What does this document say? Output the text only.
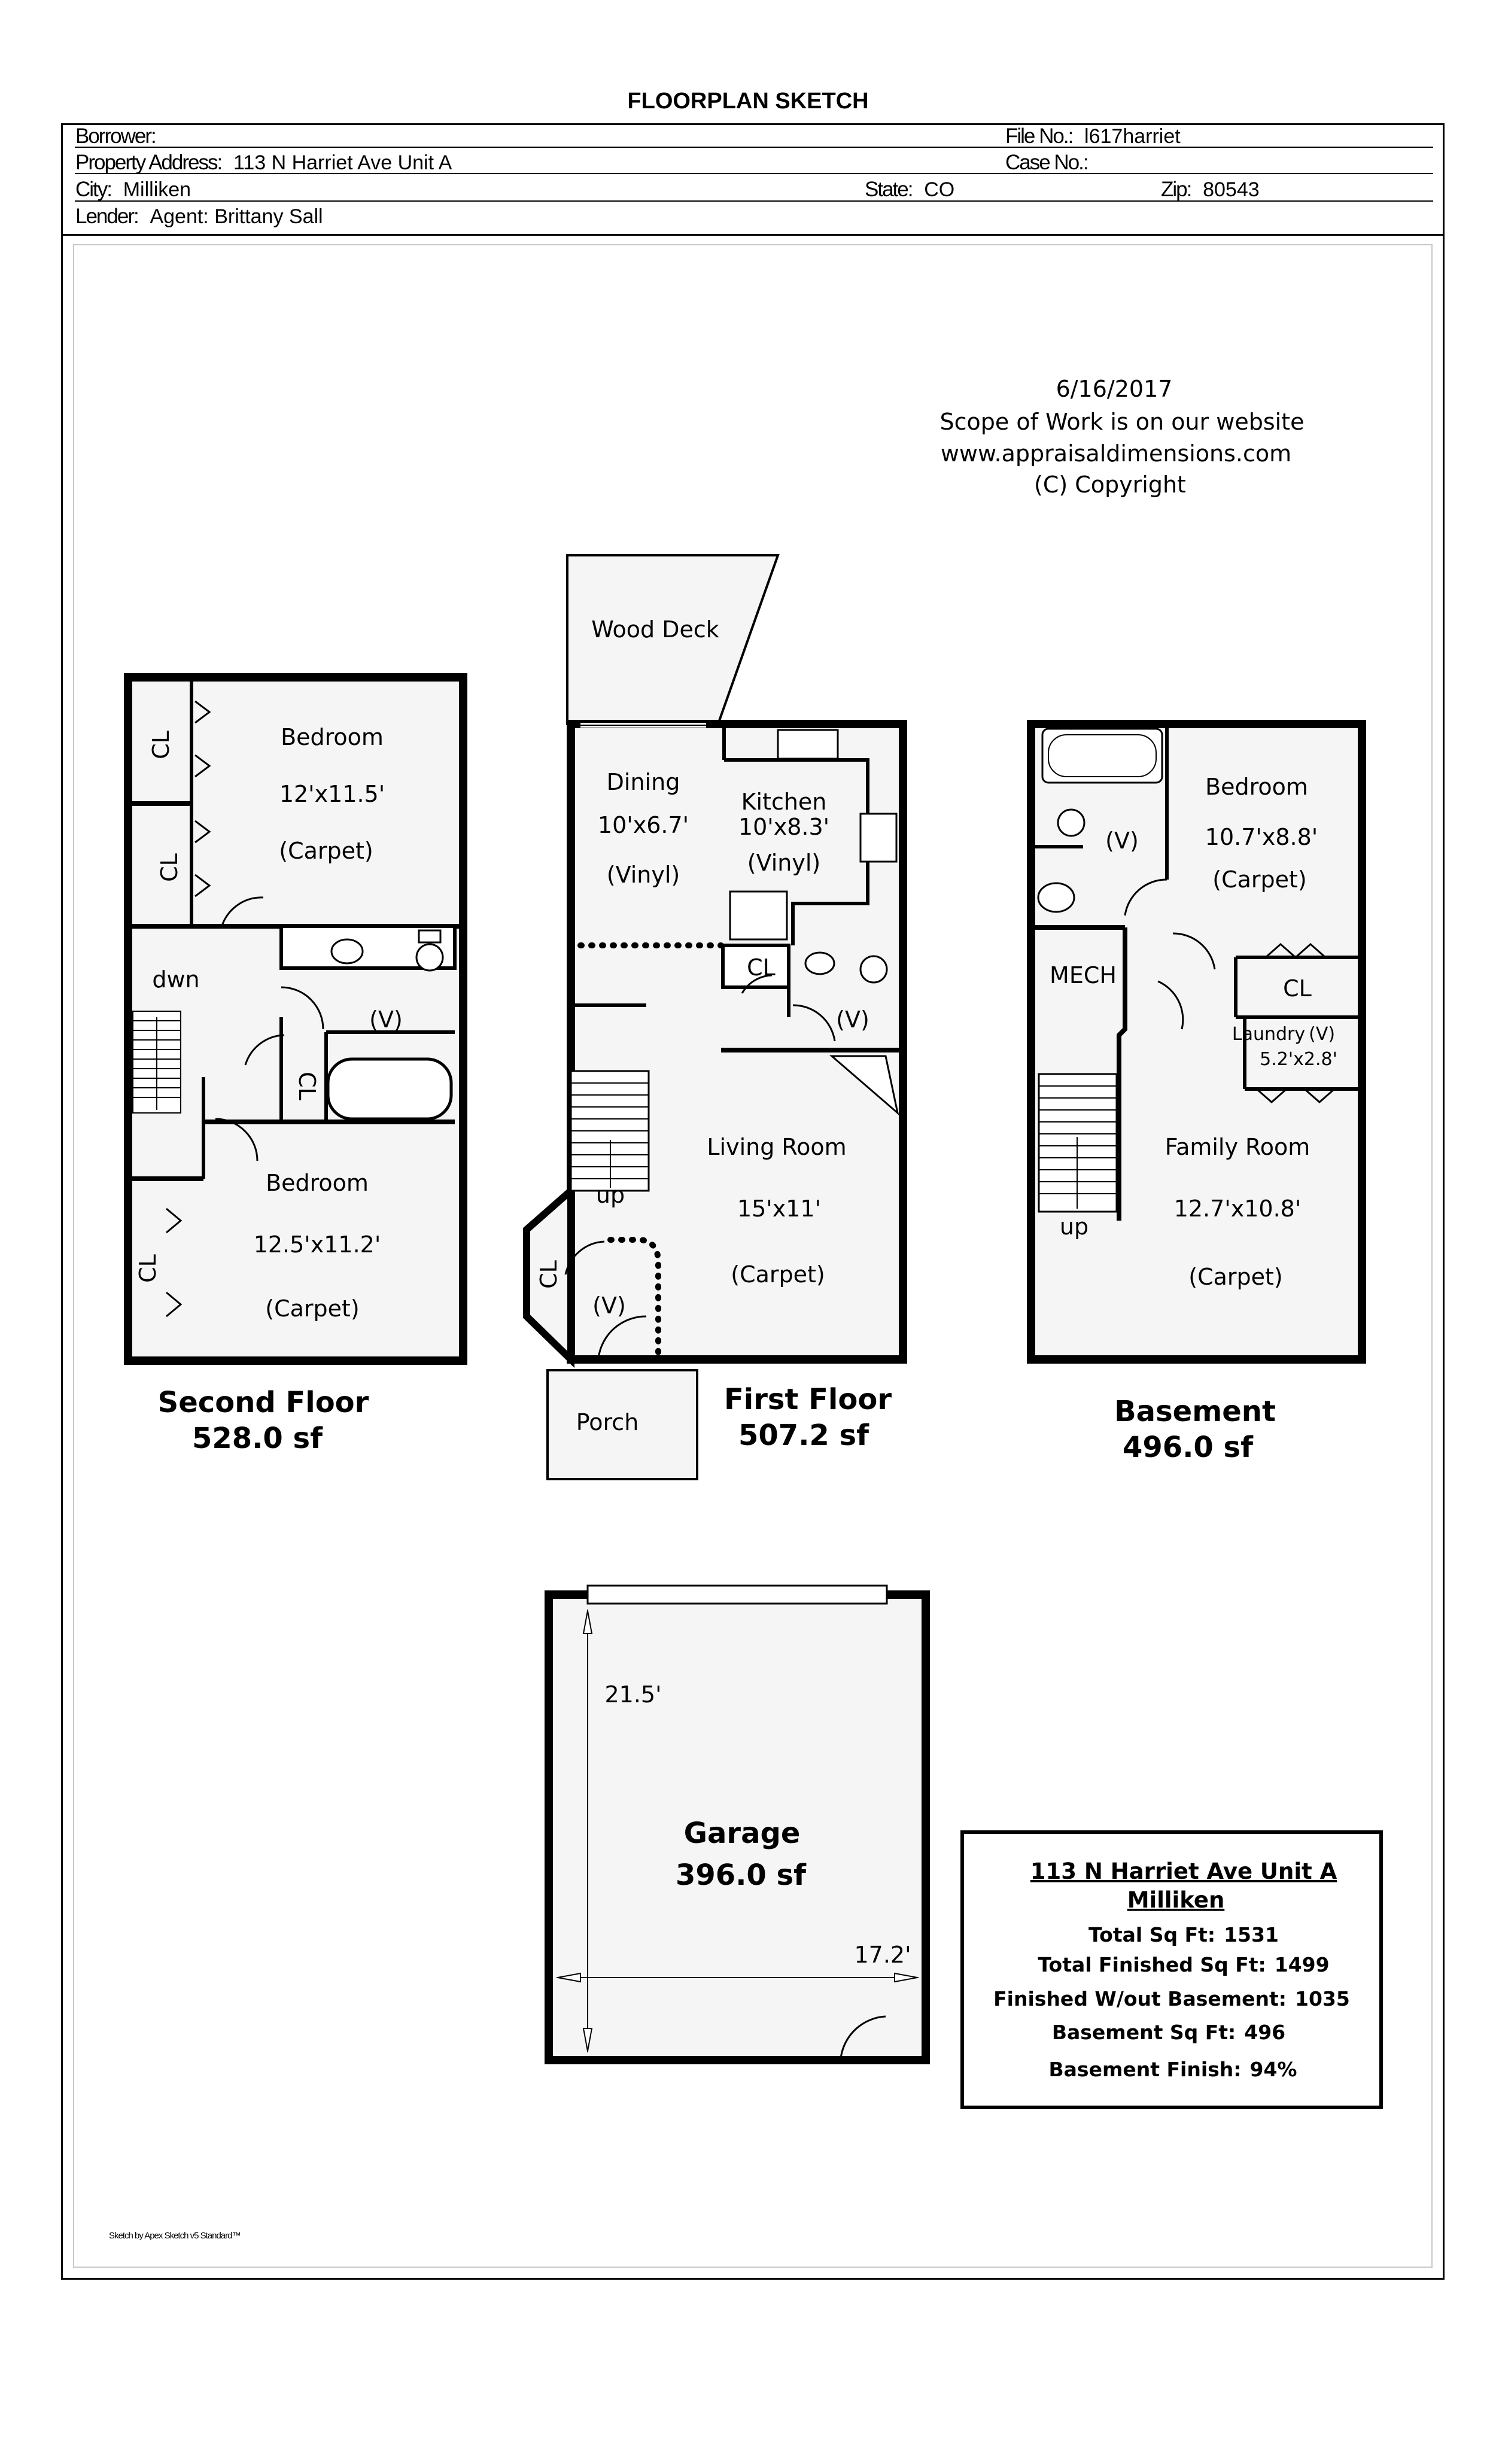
FLOORPLAN SKETCH
Borrower:	File No.: l617harriet
Property Address: 113 N Harriet Ave Unit A	Case No.:
City: Milliken	State: CO	Zip: 80543
Lender: Agent: Brittany Sall
6/16/2017
Scope of Work is on our website
www.appraisaldimensions.com
(C) Copyright
Bedroom
12'x11.5'
(Carpet)
(V)
dwn
Bedroom
12.5'x11.2'
(Carpet)
CL
CL
CL
CL
Second Floor
528.0 sf
Wood Deck
Porch
Dining
10'x6.7'
(Vinyl)
Kitchen
10'x8.3'
(Vinyl)
CL
(V)
Living Room
15'x11'
(Carpet)
up
(V)
CL
First Floor
507.2 sf
Bedroom
10.7'x8.8'
(Carpet)
(V)
MECH	CL
Family Room
12.7'x10.8'
(Carpet)
up
Laundry (V)
5.2'x2.8'
Basement
496.0 sf
21.5'
17.2'
Garage
396.0 sf	113 N Harriet Ave Unit A
Milliken
Total Sq Ft: 1531
Total Finished Sq Ft: 1499
Finished W/out Basement: 1035
Basement Sq Ft: 496
Basement Finish: 94%
Sketch by Apex Sketch v5 Standard™
